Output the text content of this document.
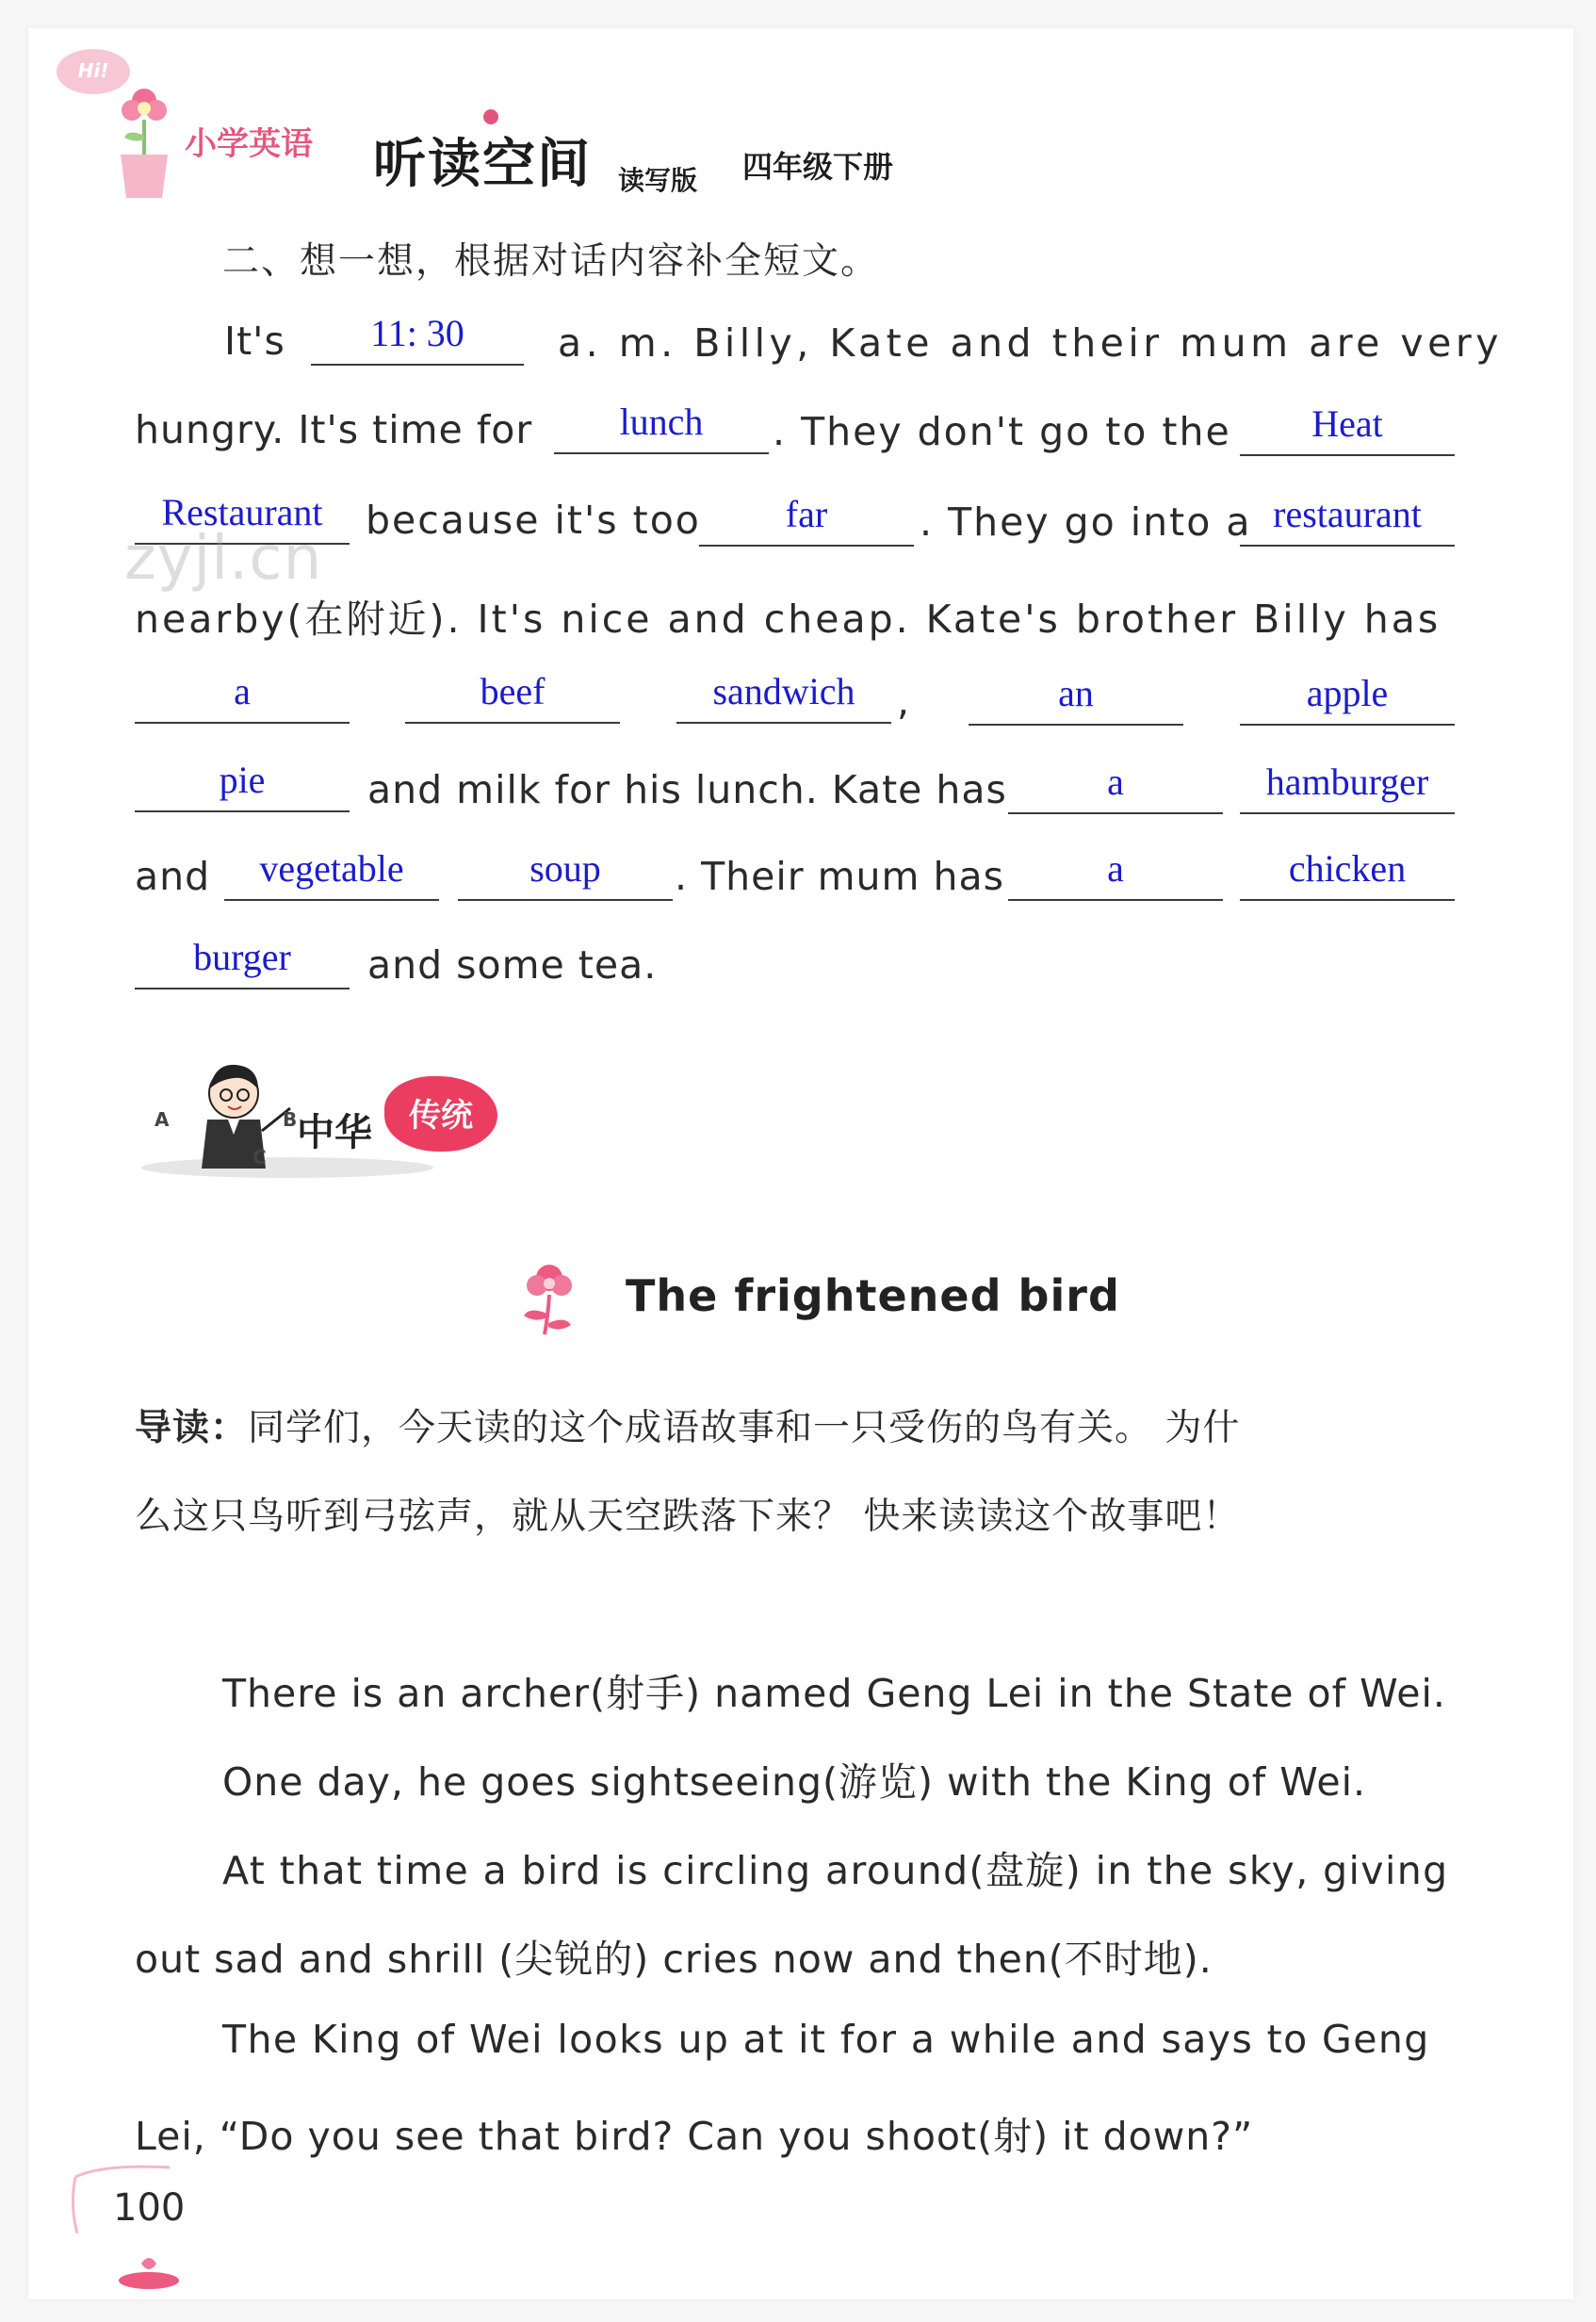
Hi!
小学英语 听读空间 读写版 四年级下册
二、想一想，根据对话内容补全短文。
It's	11: 30	a. m. Billy, Kate and their mum are very
hungry. It's time for	lunch	. They don't go to the	Heat
Restaurant	because it's too	far	. They go into a restaurant
zyjl.cn
nearby(在附近). It's nice and cheap. Kate's brother Billy has
a	beef	sandwich	,	an	apple
pie	and milk for his lunch. Kate has	a	hamburger
and	vegetable	soup	. Their mum has	a	chicken
burger	and some tea.
A	B
C
中华	传统
The frightened bird
导读：同学们，今天读的这个成语故事和一只受伤的鸟有关。 为什
么这只鸟听到弓弦声，就从天空跌落下来？ 快来读读这个故事吧！
There is an archer(射手) named Geng Lei in the State of Wei.
One day, he goes sightseeing(游览) with the King of Wei.
At that time a bird is circling around(盘旋) in the sky, giving
out sad and shrill (尖锐的) cries now and then(不时地).
The King of Wei looks up at it for a while and says to Geng
Lei, “Do you see that bird? Can you shoot(射) it down?”
100
